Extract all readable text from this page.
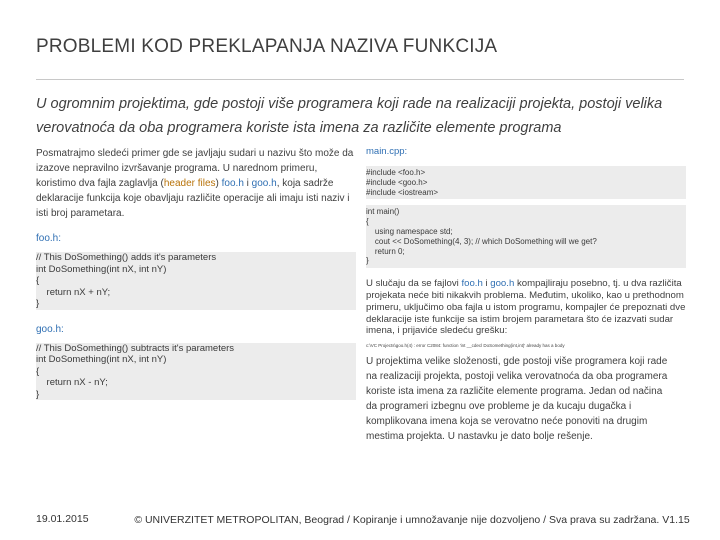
PROBLEMI KOD PREKLAPANJA NAZIVA FUNKCIJA
U ogromnim projektima, gde postoji više programera koji rade na realizaciji projekta, postoji velika verovatnoća da oba programera koriste ista imena za različite elemente programa

Posmatrajmo sledeći primer gde se javljaju sudari u nazivu što može da izazove nepravilno izvršavanje programa. U narednom primeru, koristimo dva fajla zaglavlja (header files) foo.h i goo.h, koja sadrže deklaracije funkcija koje obavljaju različite operacije ali imaju isti naziv i isti broj parametara.

foo.h:
// This DoSomething() adds it's parameters
int DoSomething(int nX, int nY)
{
return nX + nY;
}
goo.h:
// This DoSomething() subtracts it's parameters
int DoSomething(int nX, int nY)
{
return nX - nY;
}
main.cpp:
#include <foo.h>
#include <goo.h>
#include <iostream>
int main()
{
using namespace std;
cout << DoSomething(4, 3); // which DoSomething will we get?
return 0;
}
U slučaju da se fajlovi foo.h i goo.h kompajliraju posebno, tj. u dva različita projekata neće biti nikakvih problema. Međutim, ukoliko, kao u prethodnom primeru, uključimo oba fajla u istom programu, kompajler će prepoznati dve deklaracije iste funkcije sa istim brojem parametara što će izazvati sudar imena, i prijaviće sledeću grešku:
c:\VC Projects\goo.h(4) : error C2084: function 'int __cdecl DoSomething(int,int)' already has a body
U projektima velike složenosti, gde postoji više programera koji rade na realizaciji projekta, postoji velika verovatnoća da oba programera koriste ista imena za različite elemente programa. Jedan od načina da programeri izbegnu ove probleme je da kucaju dugačka i komplikovana imena koja se verovatno neće ponoviti na drugim mestima projekta. U nastavku je dato bolje rešenje.
19.01.2015	© UNIVERZITET METROPOLITAN, Beograd / Kopiranje i umnožavanje nije dozvoljeno / Sva prava su zadržana. V1.15
